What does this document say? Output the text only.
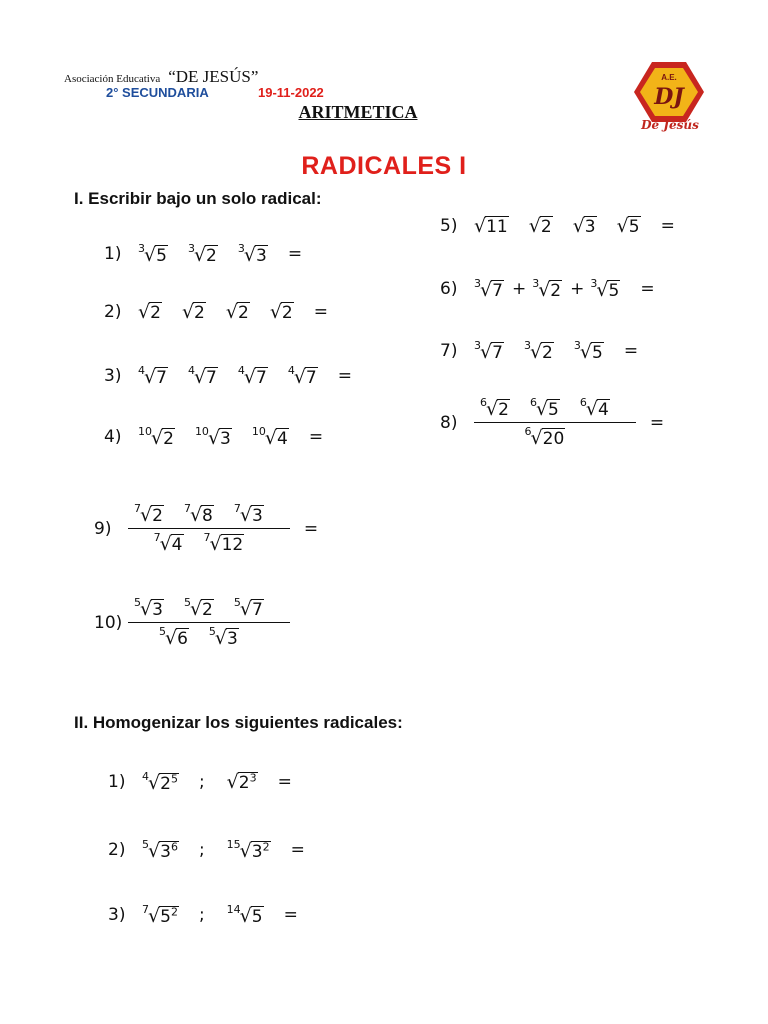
Asociación Educativa “DE JESÚS”
2° SECUNDARIA	19-11-2022
ARITMETICA
A.E.
DJ
De Jesús
RADICALES I
I. Escribir bajo un solo radical:
1)	$^3$√5 $^3$√2 $^3$√3 =
2) √2 √2 √2 √2 =
3)	$^4$√7 $^4$√7 $^4$√7 $^4$√7 =
4)	$^{10}$√2 $^{10}$√3 $^{10}$√4 =
5) √11 √2 √3 √5 =
6)	$^3$√7 + $^3$√2 + $^3$√5 =
7)	$^3$√7 $^3$√2 $^3$√5 =
8)	$\frac{^6√2 ^6√5 ^6√4}{^6√20}$ =
9)	$\frac{^7√2 ^7√8 ^7√3}{^7√4 ^7√12}$ =
$10) \frac{^5√3 ^5√2 ^5√7}{^5√6 ^5√3}$
II. Homogenizar los siguientes radicales:
1)	$^4√2^5$ ; $√2^3$ =
2)	$^5√3^6$ ; $^{15}√3^2$ =
3)	$^7√5^2$ ; $^{14}$√5 =
